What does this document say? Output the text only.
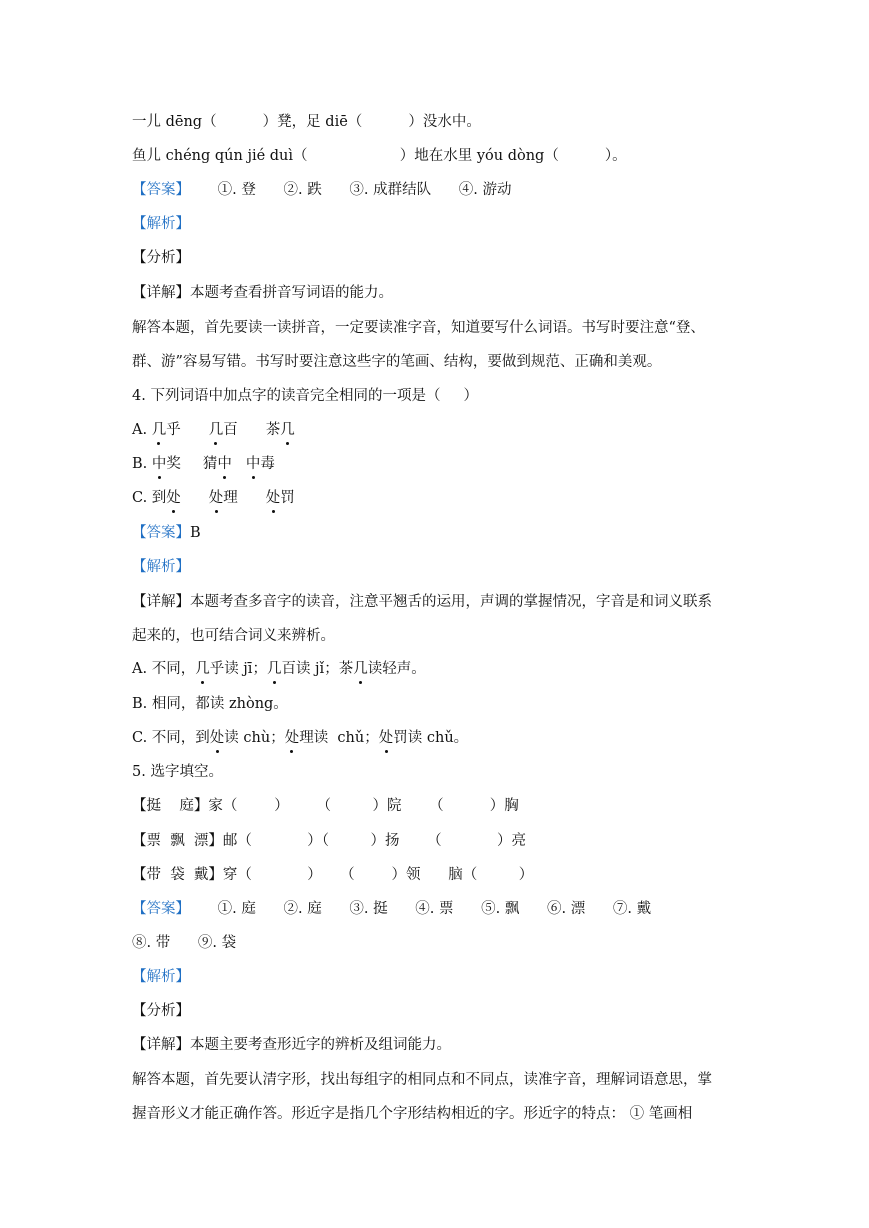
一儿 dēng（          ）凳，足 diē（          ）没水中。
鱼儿 chéng qún jié duì（                    ）地在水里 yóu dòng（          ）。
【答案】      ①. 登      ②. 跌      ③. 成群结队      ④. 游动
【解析】
【分析】
【详解】本题考查看拼音写词语的能力。
解答本题，首先要读一读拼音，一定要读准字音，知道要写什么词语。书写时要注意“登、
群、游”容易写错。书写时要注意这些字的笔画、结构，要做到规范、正确和美观。
4. 下列词语中加点字的读音完全相同的一项是（     ）
A. 几乎 几百 茶几
B. 中奖 猜中 中毒
C. 到处 处理 处罚
【答案】B
【解析】
【详解】本题考查多音字的读音，注意平翘舌的运用，声调的掌握情况，字音是和词义联系
起来的，也可结合词义来辨析。
A. 不同，几乎读 jī；几百读 jǐ；茶几读轻声。
B. 相同，都读 zhòng。
C. 不同，到处读 chù；处理读  chǔ；处罚读 chǔ。
5. 选字填空。
【挺    庭】家（        ）      （         ）院      （          ）胸
【票  飘  漂】邮（            ）（         ）扬      （            ）亮
【带  袋  戴】穿（            ）    （        ）领      脑（         ）
【答案】      ①. 庭      ②. 庭      ③. 挺      ④. 票      ⑤. 飘      ⑥. 漂      ⑦. 戴
⑧. 带      ⑨. 袋
【解析】
【分析】
【详解】本题主要考查形近字的辨析及组词能力。
解答本题，首先要认清字形，找出每组字的相同点和不同点，读准字音，理解词语意思，掌
握音形义才能正确作答。形近字是指几个字形结构相近的字。形近字的特点： ① 笔画相
